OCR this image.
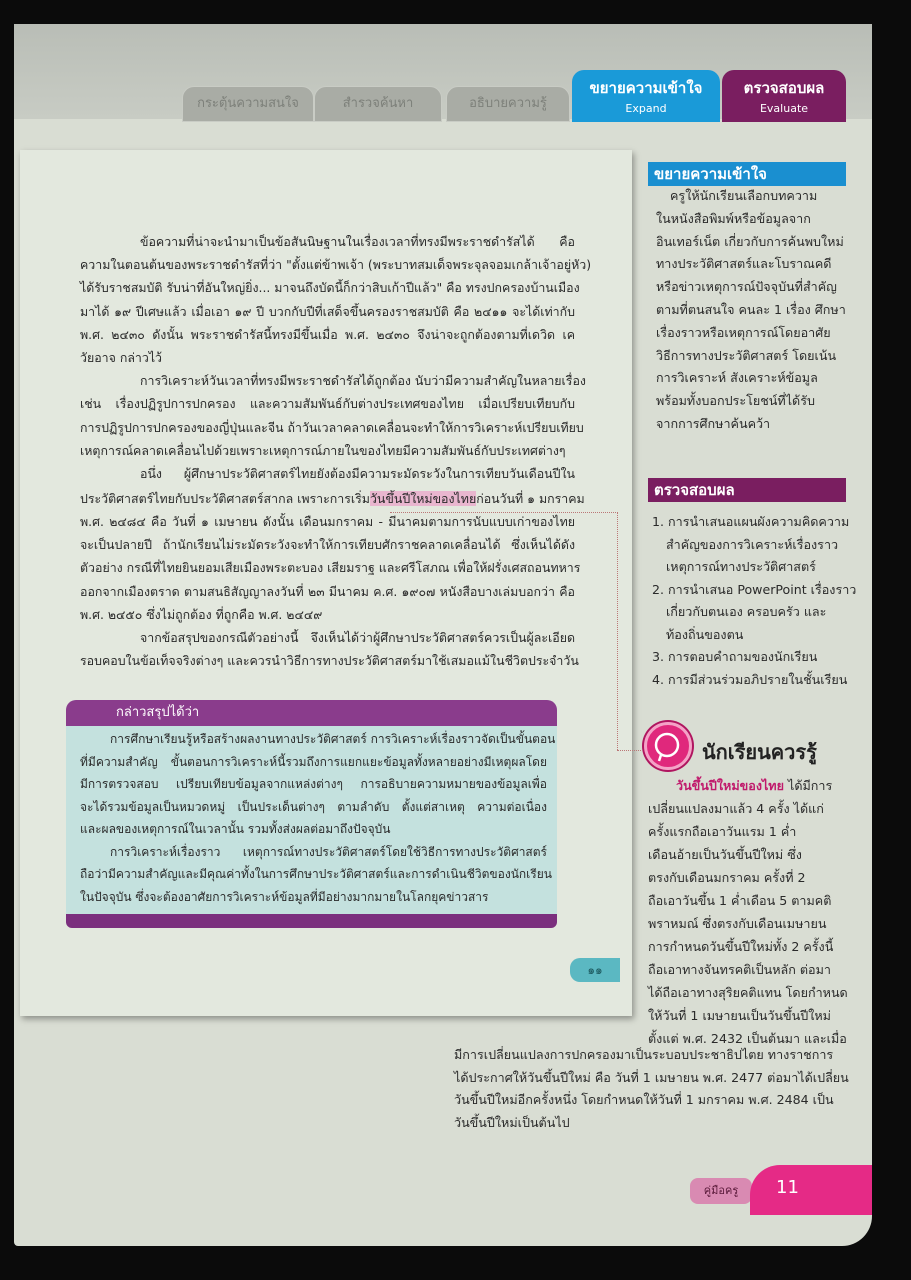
กระตุ้นความสนใจ	สำรวจค้นหา	อธิบายความรู้
ขยายความเข้าใจ
Expand
ตรวจสอบผล
Evaluate
ข้อความที่น่าจะนำมาเป็นข้อสันนิษฐานในเรื่องเวลาที่ทรงมีพระราชดำรัสได้ คือ
ความในตอนต้นของพระราชดำรัสที่ว่า "ตั้งแต่ข้าพเจ้า (พระบาทสมเด็จพระจุลจอมเกล้าเจ้าอยู่หัว)
ได้รับราชสมบัติ รับน่าที่อันใหญ่ยิ่ง... มาจนถึงบัดนี้ก็กว่าสิบเก้าปีแล้ว" คือ ทรงปกครองบ้านเมือง
มาได้ ๑๙ ปีเศษแล้ว เมื่อเอา ๑๙ ปี บวกกับปีที่เสด็จขึ้นครองราชสมบัติ คือ ๒๔๑๑ จะได้เท่ากับ
พ.ศ. ๒๔๓๐ ดังนั้น พระราชดำรัสนี้ทรงมีขึ้นเมื่อ พ.ศ. ๒๔๓๐ จึงน่าจะถูกต้องตามที่เดวิด เค
วัยอาจ กล่าวไว้
การวิเคราะห์วันเวลาที่ทรงมีพระราชดำรัสได้ถูกต้อง นับว่ามีความสำคัญในหลายเรื่อง
เช่น เรื่องปฏิรูปการปกครอง และความสัมพันธ์กับต่างประเทศของไทย เมื่อเปรียบเทียบกับ
การปฏิรูปการปกครองของญี่ปุ่นและจีน ถ้าวันเวลาคลาดเคลื่อนจะทำให้การวิเคราะห์เปรียบเทียบ
เหตุการณ์คลาดเคลื่อนไปด้วยเพราะเหตุการณ์ภายในของไทยมีความสัมพันธ์กับประเทศต่างๆ
อนึ่ง ผู้ศึกษาประวัติศาสตร์ไทยยังต้องมีความระมัดระวังในการเทียบวันเดือนปีใน
พ.ศ. ๒๔๘๔ คือ วันที่ ๑ เมษายน ดังนั้น เดือนมกราคม - มีนาคมตามการนับแบบเก่าของไทย
จะเป็นปลายปี ถ้านักเรียนไม่ระมัดระวังจะทำให้การเทียบศักราชคลาดเคลื่อนได้ ซึ่งเห็นได้ดัง
ตัวอย่าง กรณีที่ไทยยินยอมเสียเมืองพระตะบอง เสียมราฐ และศรีโสภณ เพื่อให้ฝรั่งเศสถอนทหาร
ออกจากเมืองตราด ตามสนธิสัญญาลงวันที่ ๒๓ มีนาคม ค.ศ. ๑๙๐๗ หนังสือบางเล่มบอกว่า คือ
พ.ศ. ๒๔๕๐ ซึ่งไม่ถูกต้อง ที่ถูกคือ พ.ศ. ๒๔๔๙
จากข้อสรุปของกรณีตัวอย่างนี้ จึงเห็นได้ว่าผู้ศึกษาประวัติศาสตร์ควรเป็นผู้ละเอียด
รอบคอบในข้อเท็จจริงต่างๆ และควรนำวิธีการทางประวัติศาสตร์มาใช้เสมอแม้ในชีวิตประจำวัน
ประวัติศาสตร์ไทยกับประวัติศาสตร์สากล เพราะการเริ่มวันขึ้นปีใหม่ของไทยก่อนวันที่ ๑ มกราคม
กล่าวสรุปได้ว่า
การศึกษาเรียนรู้หรือสร้างผลงานทางประวัติศาสตร์ การวิเคราะห์เรื่องราวจัดเป็นขั้นตอน
ที่มีความสำคัญ ขั้นตอนการวิเคราะห์นี้รวมถึงการแยกแยะข้อมูลทั้งหลายอย่างมีเหตุผลโดย
มีการตรวจสอบ เปรียบเทียบข้อมูลจากแหล่งต่างๆ การอธิบายความหมายของข้อมูลเพื่อ
จะได้รวมข้อมูลเป็นหมวดหมู่ เป็นประเด็นต่างๆ ตามลำดับ ตั้งแต่สาเหตุ ความต่อเนื่อง
และผลของเหตุการณ์ในเวลานั้น รวมทั้งส่งผลต่อมาถึงปัจจุบัน
การวิเคราะห์เรื่องราว เหตุการณ์ทางประวัติศาสตร์โดยใช้วิธีการทางประวัติศาสตร์
ถือว่ามีความสำคัญและมีคุณค่าทั้งในการศึกษาประวัติศาสตร์และการดำเนินชีวิตของนักเรียน
ในปัจจุบัน ซึ่งจะต้องอาศัยการวิเคราะห์ข้อมูลที่มีอย่างมากมายในโลกยุคข่าวสาร
๑๑
ขยายความเข้าใจ
ครูให้นักเรียนเลือกบทความ
ในหนังสือพิมพ์หรือข้อมูลจาก
อินเทอร์เน็ต เกี่ยวกับการค้นพบใหม่
ทางประวัติศาสตร์และโบราณคดี
หรือข่าวเหตุการณ์ปัจจุบันที่สำคัญ
ตามที่ตนสนใจ คนละ 1 เรื่อง ศึกษา
เรื่องราวหรือเหตุการณ์โดยอาศัย
วิธีการทางประวัติศาสตร์ โดยเน้น
การวิเคราะห์ สังเคราะห์ข้อมูล
พร้อมทั้งบอกประโยชน์ที่ได้รับ
จากการศึกษาค้นคว้า
ตรวจสอบผล
1. การนำเสนอแผนผังความคิดความ
สำคัญของการวิเคราะห์เรื่องราว
เหตุการณ์ทางประวัติศาสตร์
2. การนำเสนอ PowerPoint เรื่องราว
เกี่ยวกับตนเอง ครอบครัว และ
ท้องถิ่นของตน
3. การตอบคำถามของนักเรียน
4. การมีส่วนร่วมอภิปรายในชั้นเรียน
นักเรียนควรรู้
วันขึ้นปีใหม่ของไทย ได้มีการ
เปลี่ยนแปลงมาแล้ว 4 ครั้ง ได้แก่
ครั้งแรกถือเอาวันแรม 1 ค่ำ
เดือนอ้ายเป็นวันขึ้นปีใหม่ ซึ่ง
ตรงกับเดือนมกราคม ครั้งที่ 2
ถือเอาวันขึ้น 1 ค่ำเดือน 5 ตามคติ
พราหมณ์ ซึ่งตรงกับเดือนเมษายน
การกำหนดวันขึ้นปีใหม่ทั้ง 2 ครั้งนี้
ถือเอาทางจันทรคติเป็นหลัก ต่อมา
ได้ถือเอาทางสุริยคติแทน โดยกำหนด
ให้วันที่ 1 เมษายนเป็นวันขึ้นปีใหม่
ตั้งแต่ พ.ศ. 2432 เป็นต้นมา และเมื่อ
มีการเปลี่ยนแปลงการปกครองมาเป็นระบอบประชาธิปไตย ทางราชการ
ได้ประกาศให้วันขึ้นปีใหม่ คือ วันที่ 1 เมษายน พ.ศ. 2477 ต่อมาได้เปลี่ยน
วันขึ้นปีใหม่อีกครั้งหนึ่ง โดยกำหนดให้วันที่ 1 มกราคม พ.ศ. 2484 เป็น
วันขึ้นปีใหม่เป็นต้นไป
คู่มือครู	11
